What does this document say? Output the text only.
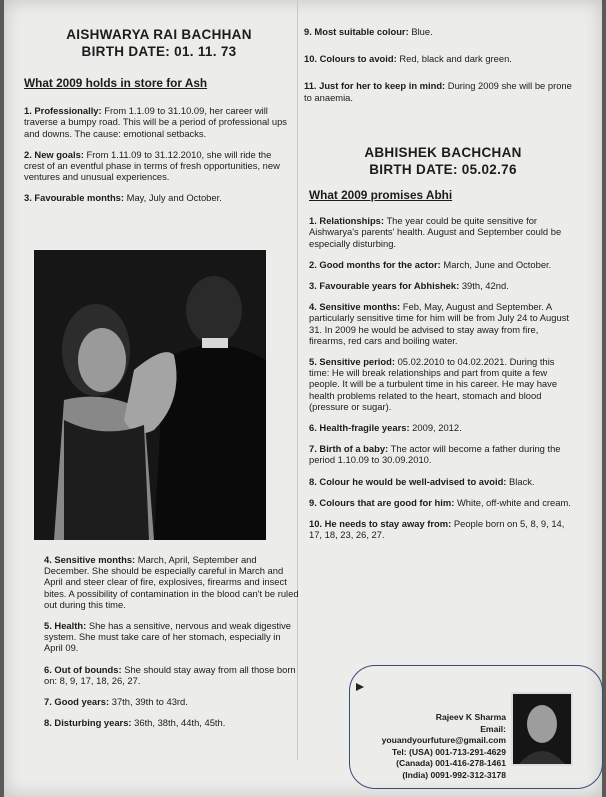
AISHWARYA RAI BACHHAN
BIRTH DATE: 01. 11. 73
What 2009 holds in store for Ash

1. Professionally: From 1.1.09 to 31.10.09, her career will traverse a bumpy road. This will be a period of professional ups and downs. The cause: emotional setbacks.

2. New goals: From 1.11.09 to 31.12.2010, she will ride the crest of an eventful phase in terms of fresh opportunities, new ventures and unusual experiences.

3. Favourable months: May, July and October.

4. Sensitive months: March, April, September and December. She should be especially careful in March and April and steer clear of fire, explosives, firearms and insect bites. A possibility of contamination in the blood can't be ruled out during this time.

5. Health: She has a sensitive, nervous and weak digestive system. She must take care of her stomach, especially in April 09.

6. Out of bounds: She should stay away from all those born on: 8, 9, 17, 18, 26, 27.

7. Good years: 37th, 39th to 43rd.

8. Disturbing years: 36th, 38th, 44th, 45th.

9. Most suitable colour: Blue.

10. Colours to avoid: Red, black and dark green.

11. Just for her to keep in mind: During 2009 she will be prone to anaemia.

ABHISHEK BACHCHAN
BIRTH DATE: 05.02.76
What 2009 promises Abhi

1. Relationships: The year could be quite sensitive for Aishwarya's parents' health. August and September could be especially disturbing.

2. Good months for the actor: March, June and October.

3. Favourable years for Abhishek: 39th, 42nd.

4. Sensitive months: Feb, May, August and September. A particularly sensitive time for him will be from July 24 to August 31. In 2009 he would be advised to stay away from fire, firearms, red cars and boiling water.

5. Sensitive period: 05.02.2010 to 04.02.2021. During this time: He will break relationships and part from quite a few people. It will be a turbulent time in his career. He may have health problems related to the heart, stomach and blood (pressure or sugar).

6. Health-fragile years: 2009, 2012.

7. Birth of a baby: The actor will become a father during the period 1.10.09 to 30.09.2010.

8. Colour he would be well-advised to avoid: Black.

9. Colours that are good for him: White, off-white and cream.

10. He needs to stay away from: People born on 5, 8, 9, 14, 17, 18, 23, 26, 27.

Rajeev K Sharma
Email: youandyourfuture@gmail.com
Tel: (USA) 001-713-291-4629
(Canada) 001-416-278-1461
(India) 0091-992-312-3178
